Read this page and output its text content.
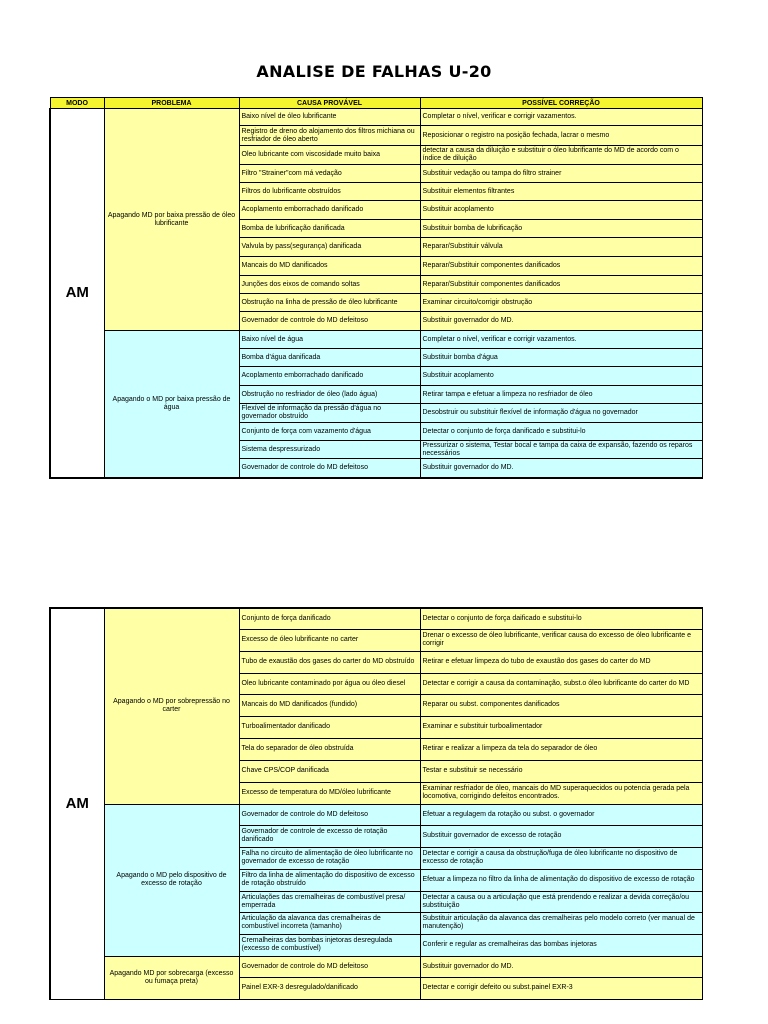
ANALISE DE FALHAS U-20
MODO	PROBLEMA	CAUSA PROVÁVEL	POSSÍVEL CORREÇÃO
AM	Apagando MD por baixa pressão de óleo lubrificante	Baixo nível de óleo lubrificante	Completar o nível, verificar e corrigir vazamentos.
		Registro de dreno do alojamento dos filtros michiana ou resfriador de óleo aberto	Reposicionar o registro na posição fechada, lacrar o mesmo
		Oleo lubricante com viscosidade muito baixa	detectar a causa da diluição e substituir o óleo lubrificante do MD de acordo com o índice de diluição
		Filtro "Strainer"com má vedação	Substituir vedação ou tampa do filtro strainer
		Filtros do lubrificante obstruídos	Substituir elementos filtrantes
		Acoplamento emborrachado danificado	Substituir acoplamento
		Bomba de lubrificação danificada	Substituir bomba de lubrificação
		Valvula by pass(segurança) danificada	Reparar/Substituir válvula
		Mancais do MD danificados	Reparar/Substituir componentes danificados
		Junções dos eixos de comando soltas	Reparar/Substituir componentes danificados
		Obstrução na linha de pressão de óleo lubrificante	Examinar circuito/corrigir obstrução
		Governador de controle do MD defeitoso	Substituir governador do MD.
	Apagando o MD por baixa pressão de água	Baixo nível de água	Completar o nível, verificar e corrigir vazamentos.
		Bomba d'água danificada	Substituir bomba d'água
		Acoplamento emborrachado danificado	Substituir acoplamento
		Obstrução no resfriador de óleo (lado água)	Retirar tampa e efetuar a limpeza no resfriador de óleo
		Flexível de informação da pressão d'água no governador obstruído	Desobstruir ou substituir flexível de informação d'água no governador
		Conjunto de força com vazamento d'água	Detectar o conjunto de força danificado e substitui-lo
		Sistema despressurizado	Pressurizar o sistema, Testar bocal e tampa da caixa de expansão, fazendo os reparos necessários
		Governador de controle do MD defeitoso	Substituir governador do MD.
AM	Apagando o MD por sobrepressão no carter	Conjunto de força danificado	Detectar o conjunto de força daificado e substitui-lo
		Excesso de óleo lubrificante no carter	Drenar o excesso de óleo lubrificante, verificar causa do excesso de óleo lubrificante e corrigir
		Tubo de exaustão dos gases do carter do MD obstruído	Retirar e efetuar limpeza do tubo de exaustão dos gases do carter do MD
		Oleo lubricante contaminado por água ou óleo diesel	Detectar e corrigir a causa da contaminação, subst.o óleo lubrificante do carter do MD
		Mancais do MD danificados (fundido)	Reparar ou subst. componentes danificados
		Turboalimentador danificado	Examinar e substituir turboalimentador
		Tela do separador de óleo obstruída	Retirar e realizar a limpeza da tela do separador de óleo
		Chave CPS/COP danificada	Testar e substituir se necessário
		Excesso de temperatura do MD/óleo lubrificante	Examinar resfriador de óleo, mancais do MD superaquecidos ou potencia gerada pela locomotiva, corrigindo defeitos encontrados.
	Apagando o MD pelo dispositivo de excesso de rotação	Governador de controle do MD defeitoso	Efetuar a regulagem da rotação ou subst. o governador
		Governador de controle de excesso de rotação danificado	Substituir governador de excesso de rotação
		Falha no circuito de alimentação de óleo lubrificante no governador de excesso de rotação	Detectar e corrigir a causa da obstrução/fuga de óleo lubrificante no dispositivo de excesso de rotação
		Filtro da linha de alimentação do dispositivo de excesso de rotação obstruído	Efetuar a limpeza no filtro da linha de alimentação do dispositivo de excesso de rotação
		Articulações das cremalheiras de combustível presa/ emperrada	Detectar a causa ou a articulação que está prendendo e realizar a devida correção/ou substituição
		Articulação da alavanca das cremalheiras de combustível incorreta (tamanho)	Substituir articulação da alavanca das cremalheiras pelo modelo correto (ver manual de manutenção)
		Cremalheiras das bombas injetoras desregulada (excesso de combustível)	Conferir e regular as cremalheiras das bombas injetoras
	Apagando MD por sobrecarga (excesso ou fumaça preta)	Governador de controle do MD defeitoso	Substituir governador do MD.
		Painel EXR-3 desregulado/danificado	Detectar e corrigir defeito ou subst.painel EXR-3
